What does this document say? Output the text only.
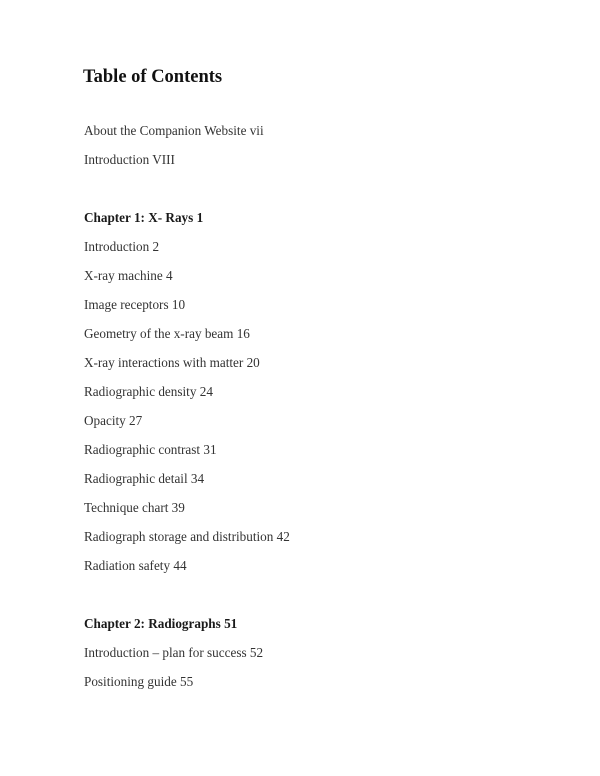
Table of Contents
About the Companion Website vii
Introduction VIII
Chapter 1: X- Rays 1
Introduction 2
X-ray machine 4
Image receptors 10
Geometry of the x-ray beam 16
X-ray interactions with matter 20
Radiographic density 24
Opacity 27
Radiographic contrast 31
Radiographic detail 34
Technique chart 39
Radiograph storage and distribution 42
Radiation safety 44
Chapter 2: Radiographs 51
Introduction – plan for success 52
Positioning guide 55
